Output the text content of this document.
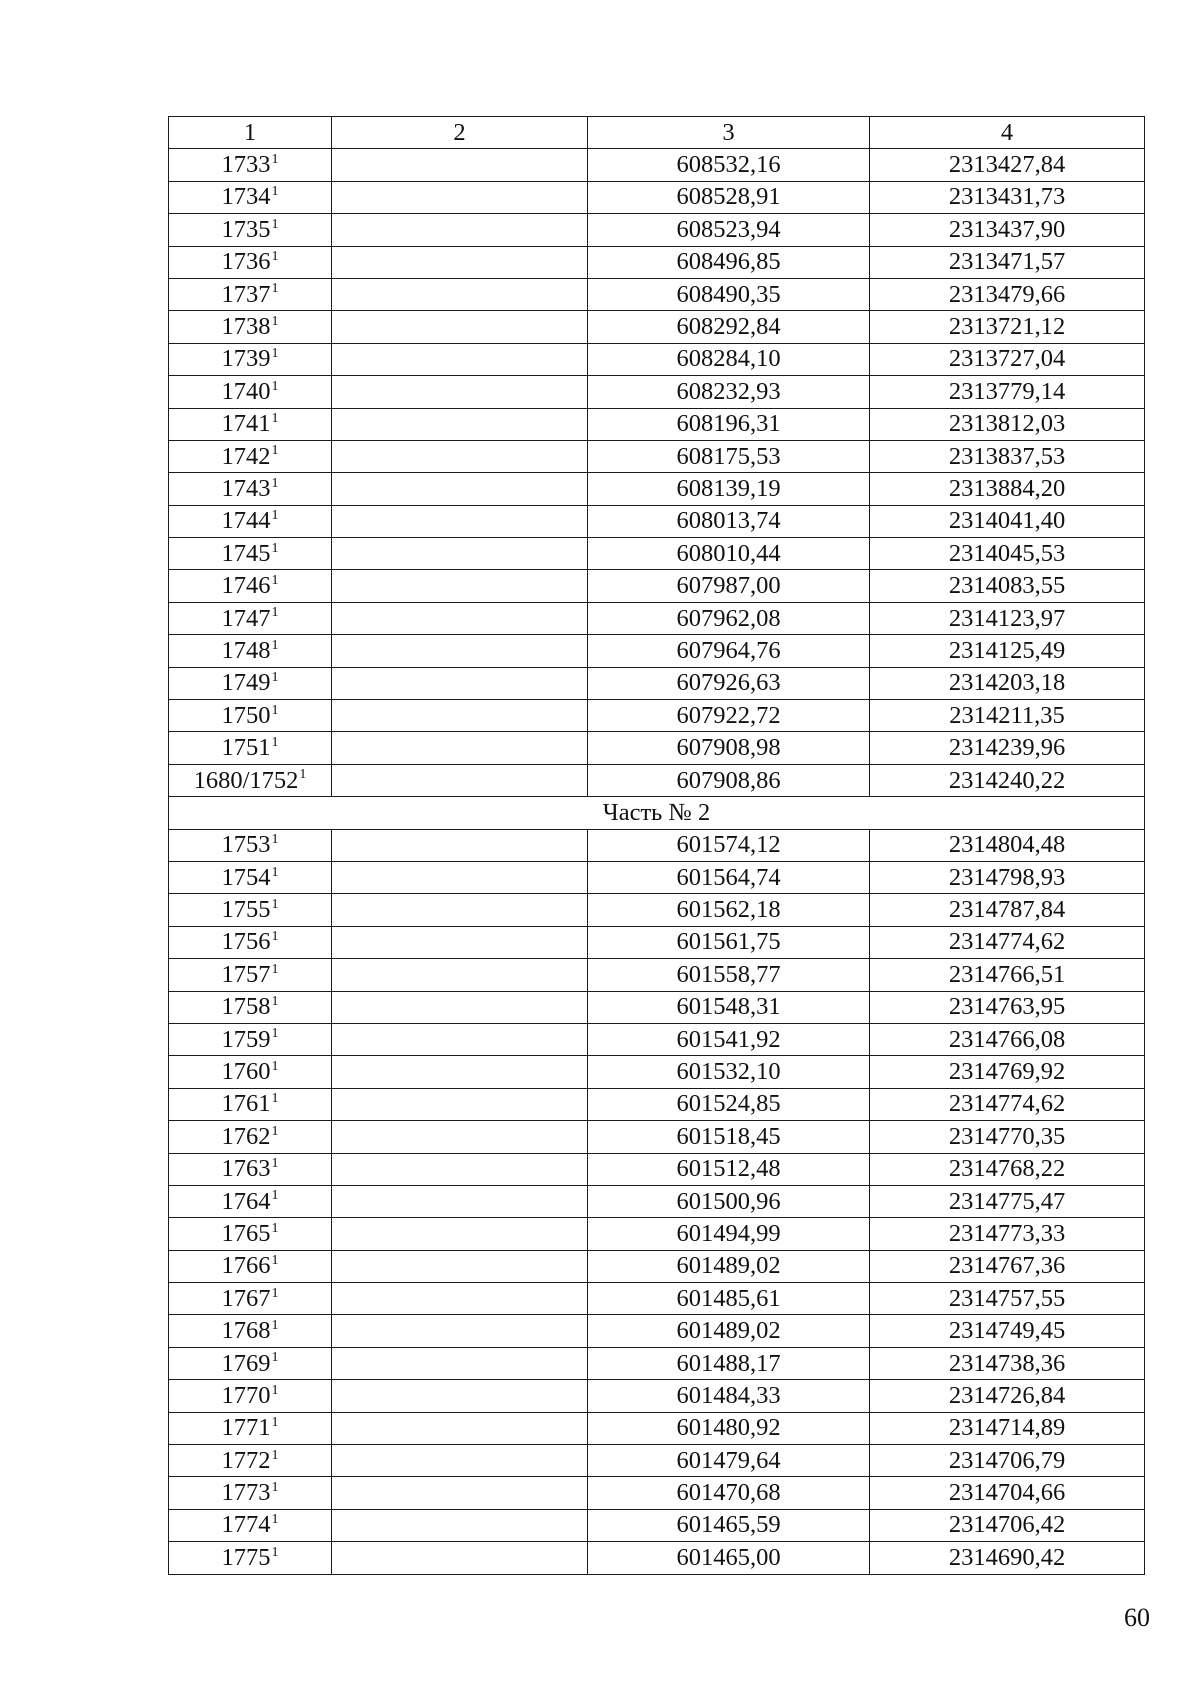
1	2	3	4
1733$^1$		608532,16	2313427,84
1734$^1$		608528,91	2313431,73
1735$^1$		608523,94	2313437,90
1736$^1$		608496,85	2313471,57
1737$^1$		608490,35	2313479,66
1738$^1$		608292,84	2313721,12
1739$^1$		608284,10	2313727,04
1740$^1$		608232,93	2313779,14
1741$^1$		608196,31	2313812,03
1742$^1$		608175,53	2313837,53
1743$^1$		608139,19	2313884,20
1744$^1$		608013,74	2314041,40
1745$^1$		608010,44	2314045,53
1746$^1$		607987,00	2314083,55
1747$^1$		607962,08	2314123,97
1748$^1$		607964,76	2314125,49
1749$^1$		607926,63	2314203,18
1750$^1$		607922,72	2314211,35
1751$^1$		607908,98	2314239,96
1680/1752$^1$		607908,86	2314240,22
Часть № 2			
1753$^1$		601574,12	2314804,48
1754$^1$		601564,74	2314798,93
1755$^1$		601562,18	2314787,84
1756$^1$		601561,75	2314774,62
1757$^1$		601558,77	2314766,51
1758$^1$		601548,31	2314763,95
1759$^1$		601541,92	2314766,08
1760$^1$		601532,10	2314769,92
1761$^1$		601524,85	2314774,62
1762$^1$		601518,45	2314770,35
1763$^1$		601512,48	2314768,22
1764$^1$		601500,96	2314775,47
1765$^1$		601494,99	2314773,33
1766$^1$		601489,02	2314767,36
1767$^1$		601485,61	2314757,55
1768$^1$		601489,02	2314749,45
1769$^1$		601488,17	2314738,36
1770$^1$		601484,33	2314726,84
1771$^1$		601480,92	2314714,89
1772$^1$		601479,64	2314706,79
1773$^1$		601470,68	2314704,66
1774$^1$		601465,59	2314706,42
1775$^1$		601465,00	2314690,42
60
